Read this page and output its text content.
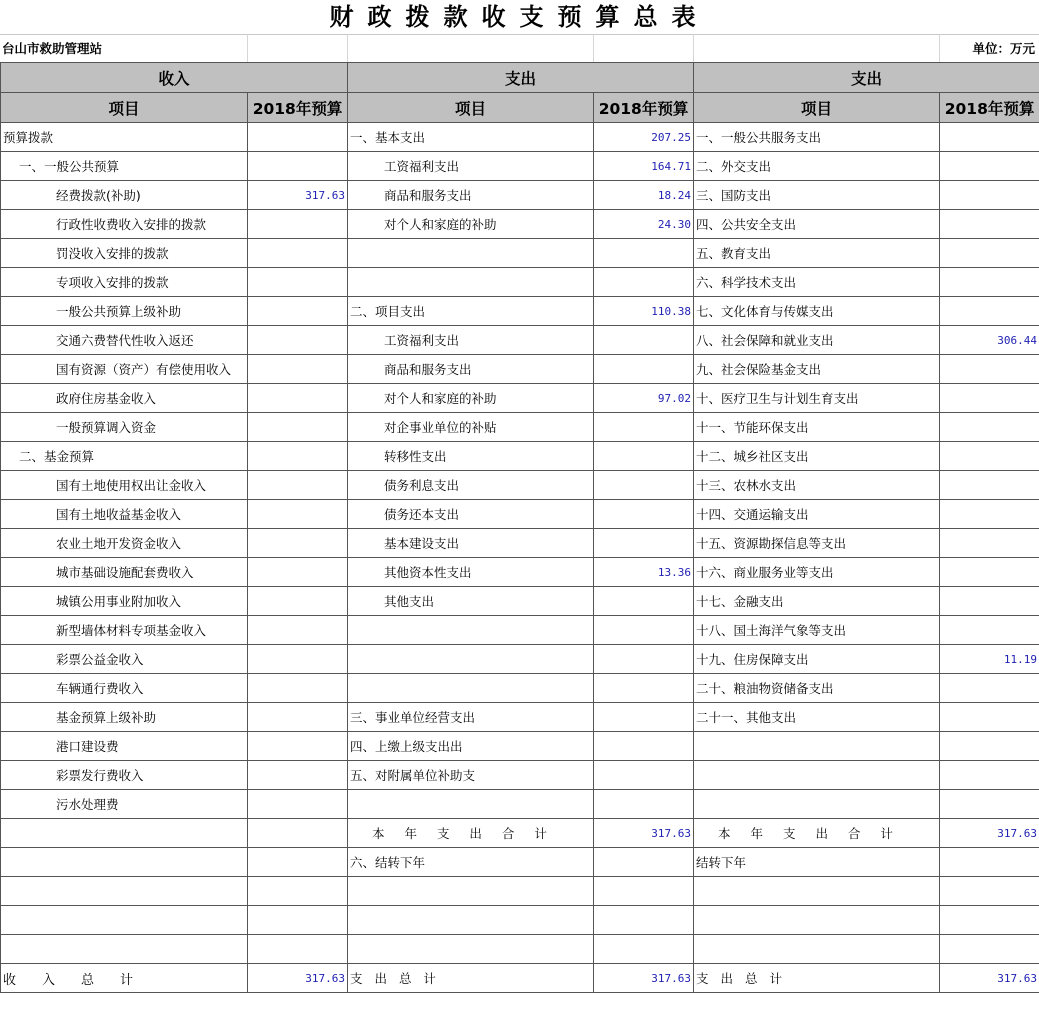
财政拨款收支预算总表
台山市救助管理站					单位：万元
收入		支出		支出	
项目	2018年预算	项目	2018年预算	项目	2018年预算
预算拨款		一、基本支出	207.25	一、一般公共服务支出	
一、一般公共预算		工资福利支出	164.71	二、外交支出	
经费拨款(补助)	317.63	商品和服务支出	18.24	三、国防支出	
行政性收费收入安排的拨款		对个人和家庭的补助	24.30	四、公共安全支出	
罚没收入安排的拨款				五、教育支出	
专项收入安排的拨款				六、科学技术支出	
一般公共预算上级补助		二、项目支出	110.38	七、文化体育与传媒支出	
交通六费替代性收入返还		工资福利支出		八、社会保障和就业支出	306.44
国有资源（资产）有偿使用收入		商品和服务支出		九、社会保险基金支出	
政府住房基金收入		对个人和家庭的补助	97.02	十、医疗卫生与计划生育支出	
一般预算调入资金		对企事业单位的补贴		十一、节能环保支出	
二、基金预算		转移性支出		十二、城乡社区支出	
国有土地使用权出让金收入		债务利息支出		十三、农林水支出	
国有土地收益基金收入		债务还本支出		十四、交通运输支出	
农业土地开发资金收入		基本建设支出		十五、资源勘探信息等支出	
城市基础设施配套费收入		其他资本性支出	13.36	十六、商业服务业等支出	
城镇公用事业附加收入		其他支出		十七、金融支出	
新型墙体材料专项基金收入				十八、国土海洋气象等支出	
彩票公益金收入				十九、住房保障支出	11.19
车辆通行费收入				二十、粮油物资储备支出	
基金预算上级补助		三、事业单位经营支出		二十一、其他支出	
港口建设费		四、上缴上级支出出			
彩票发行费收入		五、对附属单位补助支			
污水处理费					
		本 年 支 出 合 计	317.63	本 年 支 出 合 计	317.63
		六、结转下年		结转下年	

收　　入　　总　　计	317.63	支 出 总 计	317.63	支 出 总 计	317.63
